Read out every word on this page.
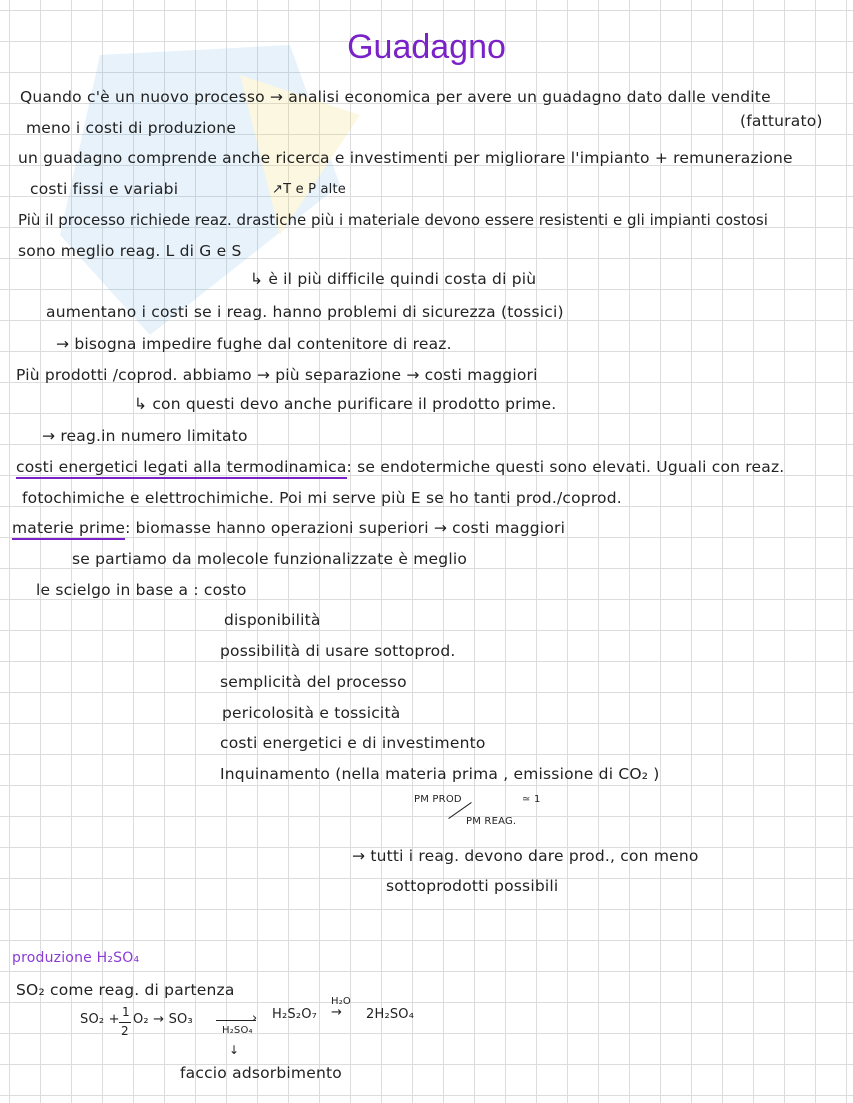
Guadagno
Quando c'è un nuovo processo → analisi economica per avere un guadagno dato dalle vendite
meno i costi di produzione	(fatturato)
un guadagno comprende anche ricerca e investimenti per migliorare l'impianto + remunerazione
costi fissi e variabi	↗T e P alte
Più il processo richiede reaz. drastiche più i materiale devono essere resistenti e gli impianti costosi
sono meglio reag. L di G e S
↳ è il più difficile quindi costa di più
aumentano i costi se i reag. hanno problemi di sicurezza (tossici)
→ bisogna impedire fughe dal contenitore di reaz.
Più prodotti /coprod. abbiamo → più separazione → costi maggiori
↳ con questi devo anche purificare il prodotto prime.
→ reag.in numero limitato
costi energetici legati alla termodinamica: se endotermiche questi sono elevati. Uguali con reaz.
fotochimiche e elettrochimiche. Poi mi serve più E se ho tanti prod./coprod.
materie prime: biomasse hanno operazioni superiori → costi maggiori
se partiamo da molecole funzionalizzate è meglio
le scielgo in base a : costo
disponibilità
possibilità di usare sottoprod.
semplicità del processo
pericolosità e tossicità
costi energetici e di investimento
Inquinamento (nella materia prima , emissione di CO₂ )
PM PROD
PM REAG.
≃ 1
→ tutti i reag. devono dare prod., con meno
sottoprodotti possibili
produzione H₂SO₄
SO₂ come reag. di partenza
SO₂ + 1
2
O₂ → SO₃	›
H₂SO₄
H₂S₂O₇
H₂O
→ 2H₂SO₄
↓
faccio adsorbimento
